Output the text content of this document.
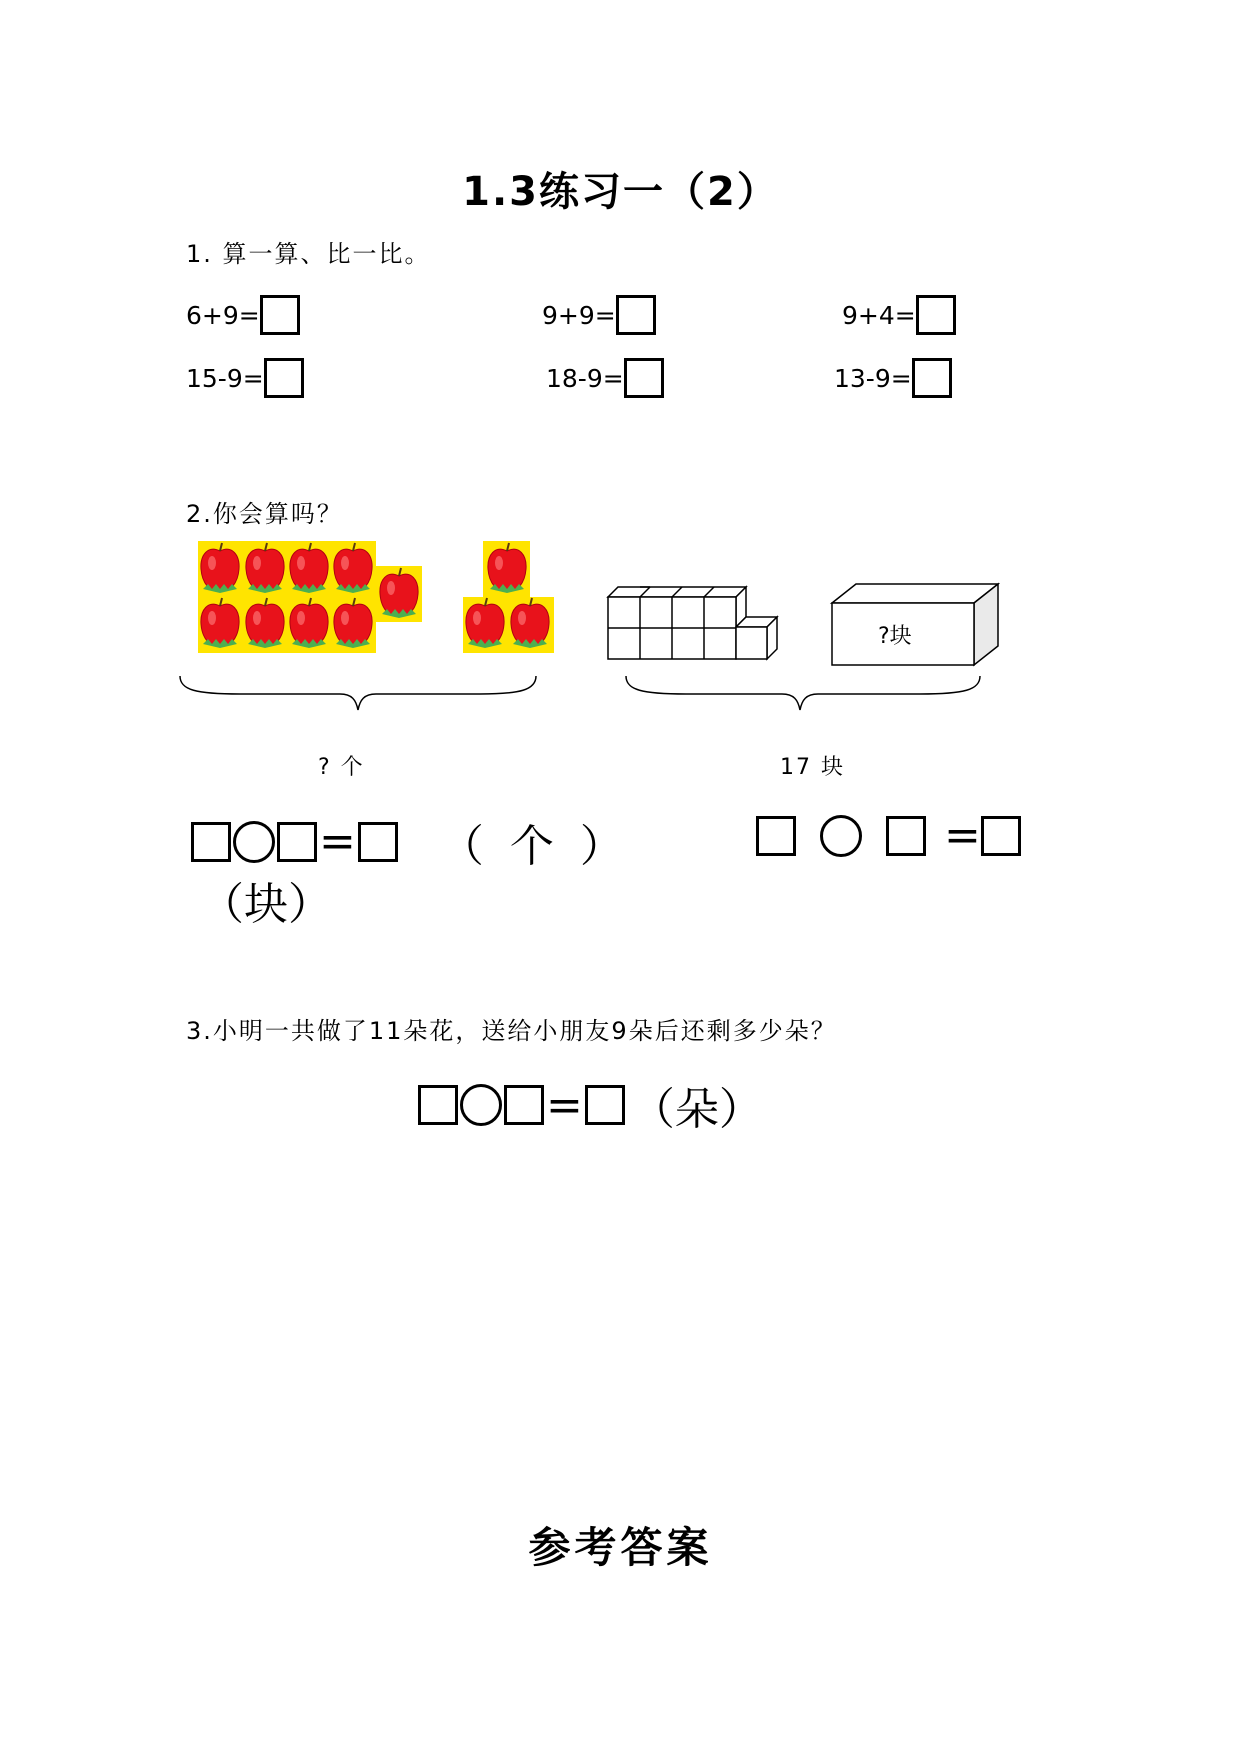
1.3练习一（2）
1. 算一算、比一比。
6+9=	9+9=	9+4=
15-9=	18-9=	13-9=
2.你会算吗？
?块
? 个	17 块
= （ 个 ）	=
（块）
3.小明一共做了11朵花，送给小朋友9朵后还剩多少朵？
= （朵）
参考答案
